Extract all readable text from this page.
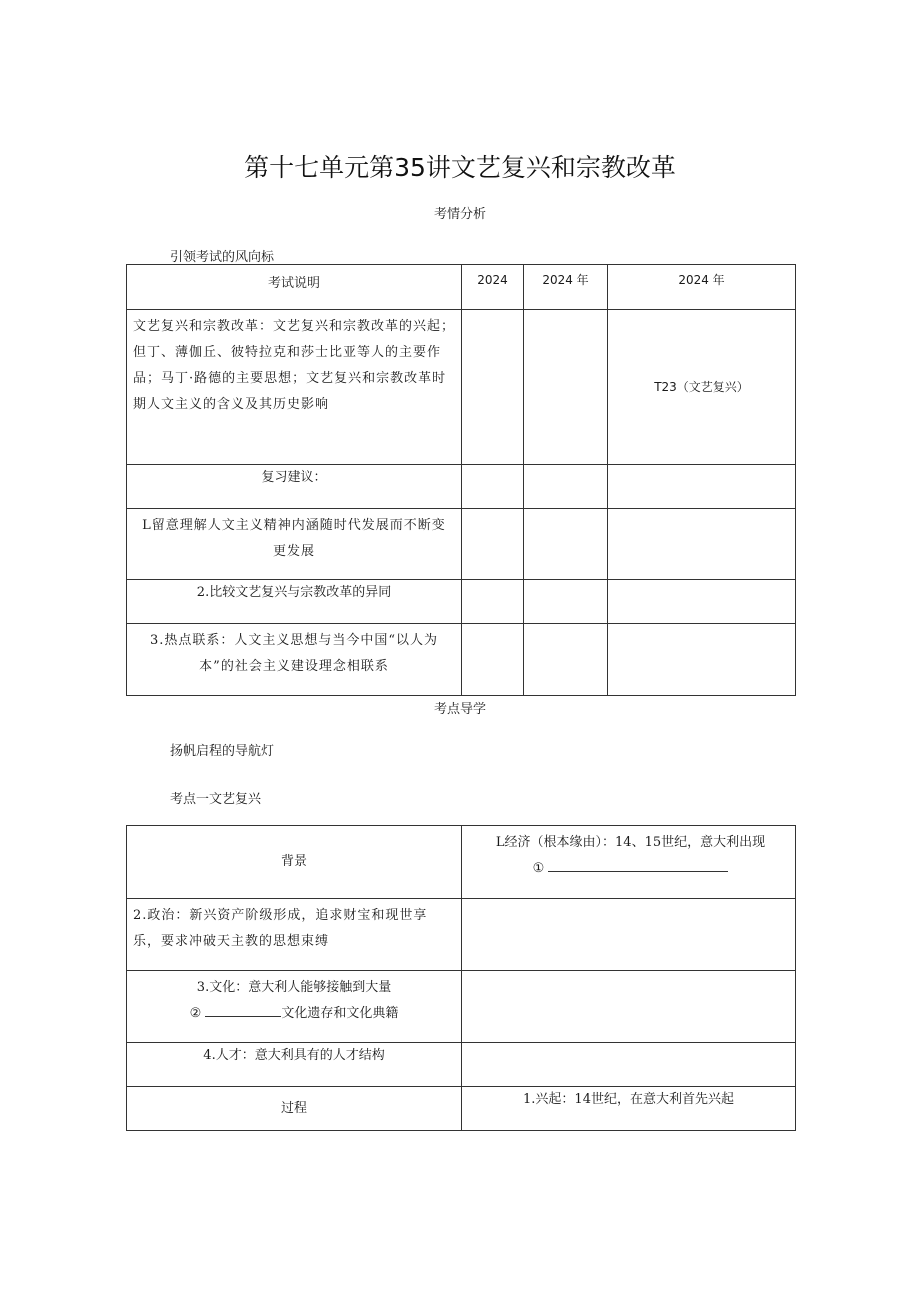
第十七单元第35讲文艺复兴和宗教改革
考情分析
引领考试的风向标
考试说明	2024	2024 年	2024 年
文艺复兴和宗教改革：文艺复兴和宗教改革的兴起；但丁、薄伽丘、彼特拉克和莎士比亚等人的主要作品；马丁·路德的主要思想；文艺复兴和宗教改革时期人文主义的含义及其历史影响			T23（文艺复兴）
复习建议：			
L留意理解人文主义精神内涵随时代发展而不断变更发展			
2.比较文艺复兴与宗教改革的异同			
3.热点联系：人文主义思想与当今中国“以人为本”的社会主义建设理念相联系			
考点导学
扬帆启程的导航灯
考点一文艺复兴
背景	L经济（根本缘由）：14、15世纪，意大利出现
①

2.政治：新兴资产阶级形成，追求财宝和现世享乐，要求冲破天主教的思想束缚	

3.文化：意大利人能够接触到大量
② 文化遗存和文化典籍	

4.人才：意大利具有的人才结构	
过程	1.兴起：14世纪，在意大利首先兴起
